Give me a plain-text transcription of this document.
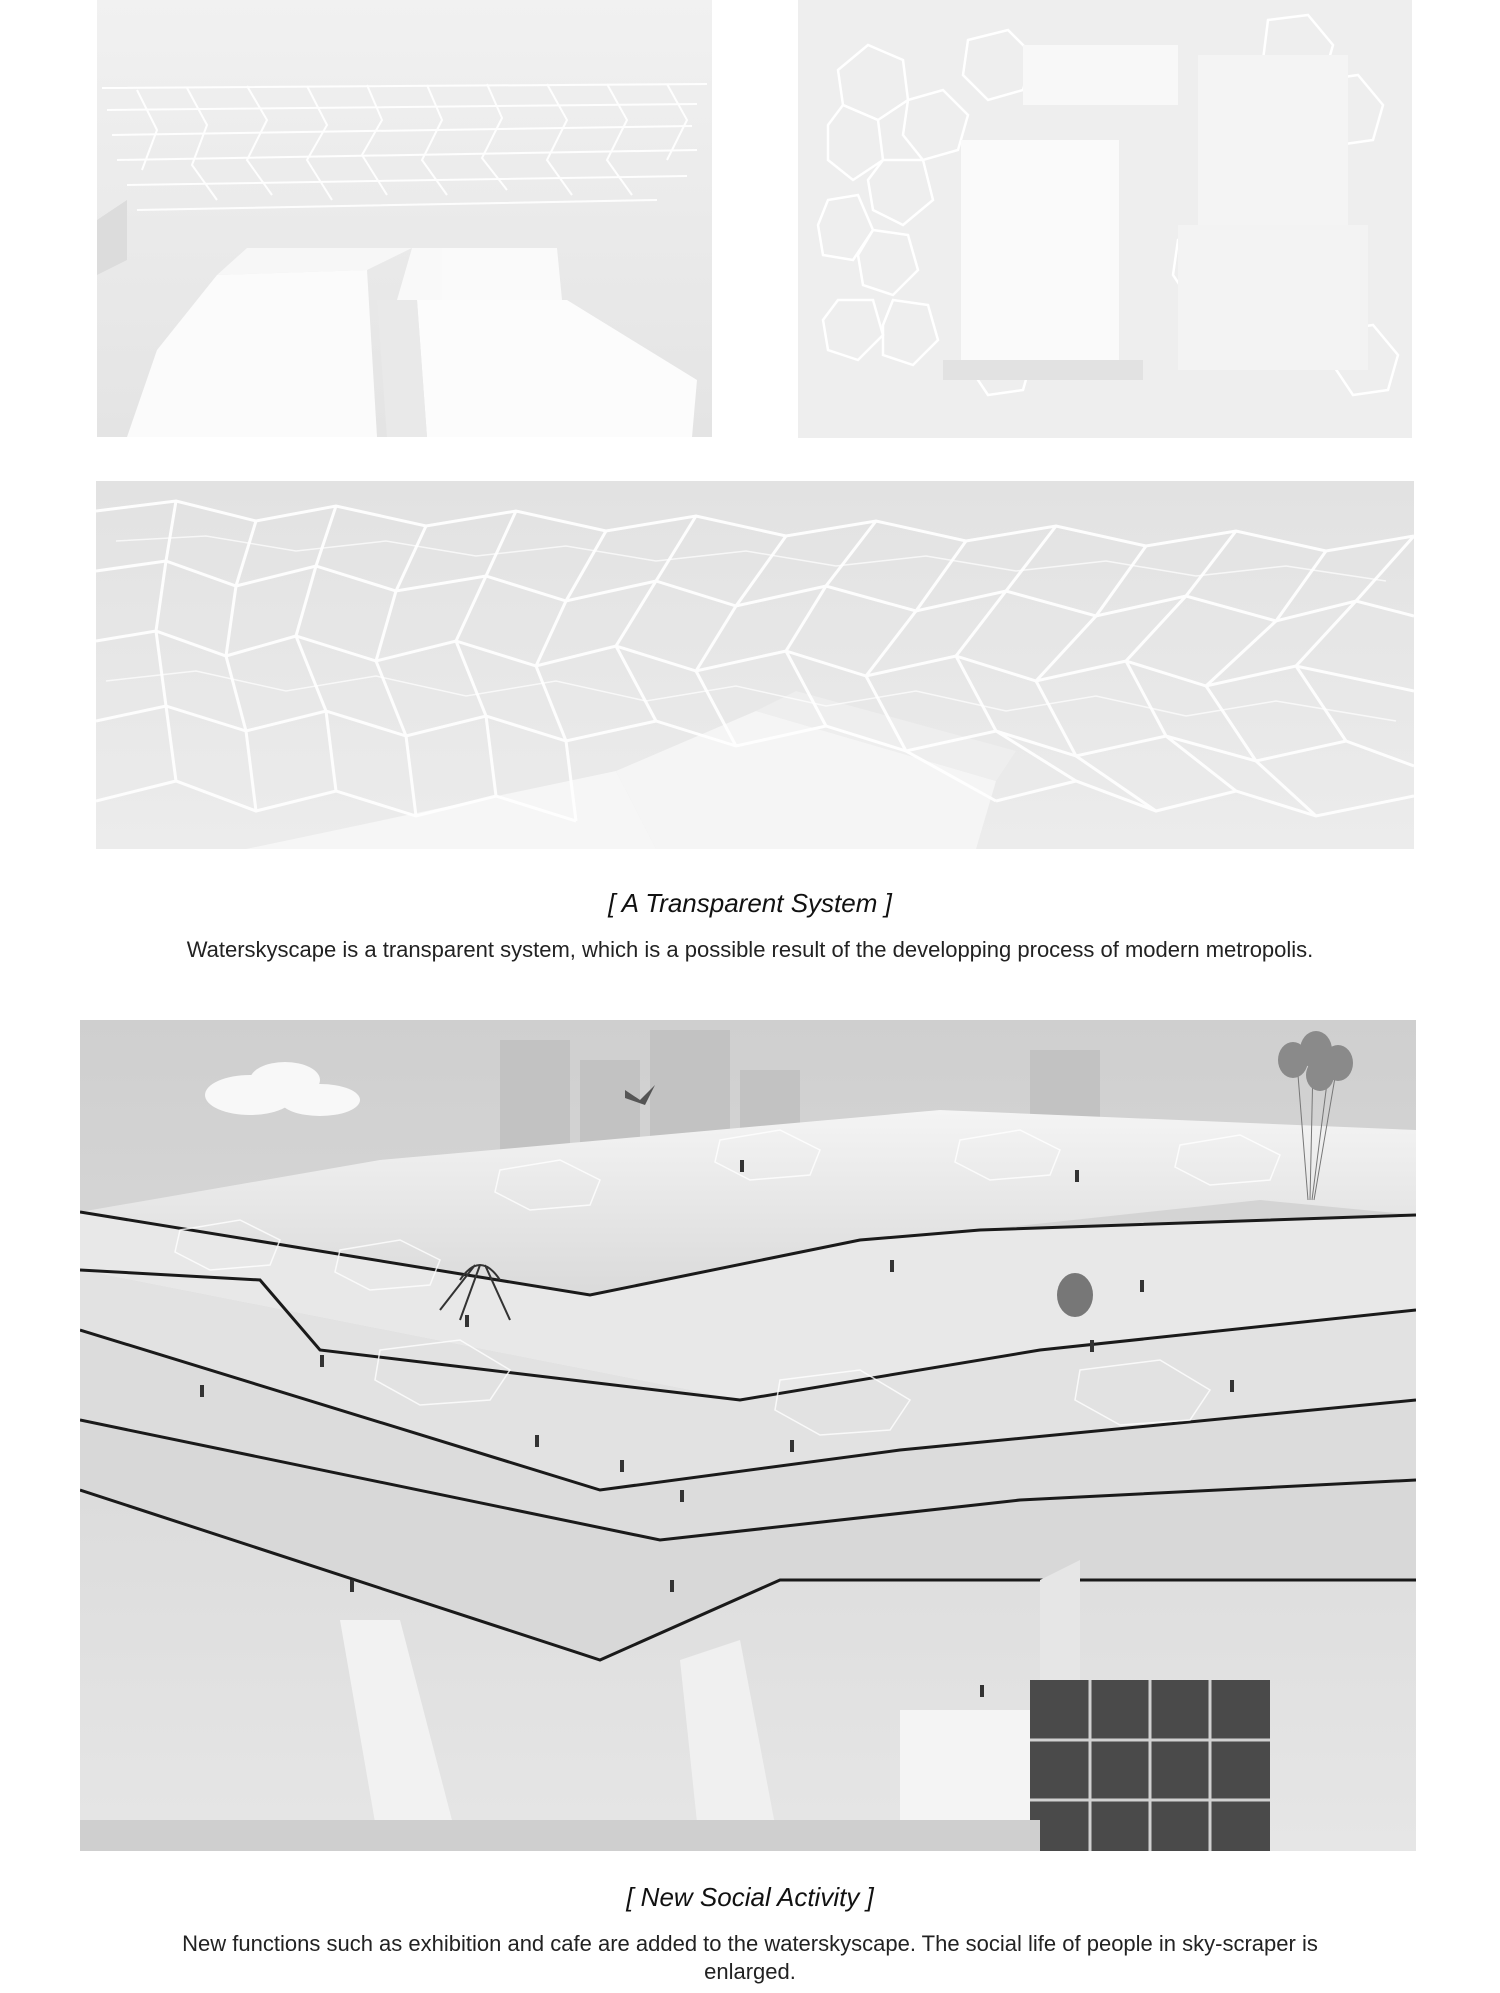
[ A Transparent System ]
Waterskyscape is a transparent system, which is a possible result of the developping process of modern metropolis.
[ New Social Activity ]
New functions such as exhibition and cafe are added to the waterskyscape. The social life of people in sky-scraper is enlarged.
